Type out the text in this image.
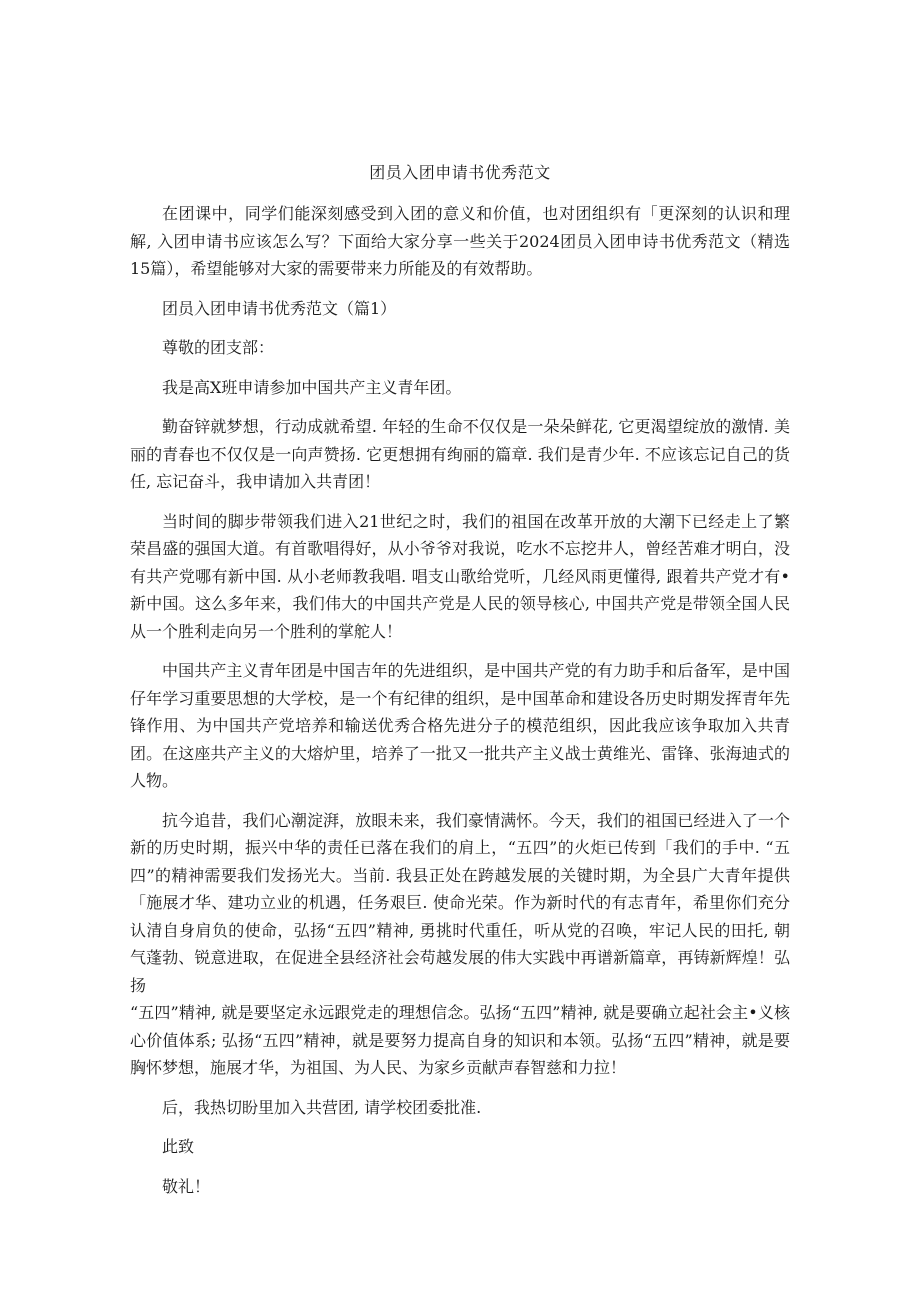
团员入团申请书优秀范文

在团课中，同学们能深刻感受到入团的意义和价值，也对团组织有「更深刻的认识和理解, 入团申请书应该怎么写？下面给大家分享一些关于2024团员入团申诗书优秀范文（精选15篇），希望能够对大家的需要带来力所能及的有效帮助。

团员入团申请书优秀范文（篇1）

尊敬的团支部：

我是高X班申请参加中国共产主义青年团。

勤奋锌就梦想，行动成就希望. 年轻的生命不仅仅是一朵朵鲜花, 它更渴望绽放的激情. 美丽的青春也不仅仅是一向声赞扬. 它更想拥有绚丽的篇章. 我们是青少年. 不应该忘记自己的货任, 忘记奋斗，我申请加入共青团！

当时间的脚步带领我们进入21世纪之时，我们的祖国在改革开放的大潮下已经走上了繁荣昌盛的强国大道。有首歌唱得好，从小爷爷对我说，吃水不忘挖井人，曾经苦难才明白，没有共产党哪有新中国. 从小老师教我唱. 唱支山歌给党听，几经风雨更懂得, 跟着共产党才有•新中国。这么多年来，我们伟大的中国共产党是人民的领导核心, 中国共产党是带领全国人民从一个胜利走向另一个胜利的掌舵人！

中国共产主义青年团是中国吉年的先进组织，是中国共产党的有力助手和后备军，是中国仔年学习重要思想的大学校，是一个有纪律的组织，是中国革命和建设各历史时期发挥青年先锋作用、为中国共产党培养和输送优秀合格先进分子的模范组织，因此我应该争取加入共青团。在这座共产主义的大熔炉里，培养了一批又一批共产主义战士黄维光、雷锋、张海迪式的人物。

抗今追昔，我们心潮淀湃，放眼未来，我们豪情满怀。今天，我们的祖国已经进入了一个新的历史时期，振兴中华的责任已落在我们的肩上，“五四”的火炬已传到「我们的手中. “五四”的精神需要我们发扬光大。当前. 我县正处在跨越发展的关键时期，为全县广大青年提供「施展才华、建功立业的机遇，任务艰巨. 使命光荣。作为新时代的有志青年，希里你们充分认清自身肩负的使命，弘扬“五四”精神, 勇挑时代重任，听从党的召唤，牢记人民的田托, 朝气蓬勃、锐意进取，在促进全县经济社会苟越发展的伟大实践中再谱新篇章，再铸新辉煌！弘扬

“五四”精神, 就是要坚定永远跟党走的理想信念。弘扬“五四”精神, 就是要确立起社会主•义核心价值体系; 弘扬“五四”精神，就是要努力提高自身的知识和本领。弘扬“五四”精神，就是要胸怀梦想，施展才华，为祖国、为人民、为家乡贡献声春智慈和力拉！

后，我热切盼里加入共营团, 请学校团委批准.

此致

敬礼！
